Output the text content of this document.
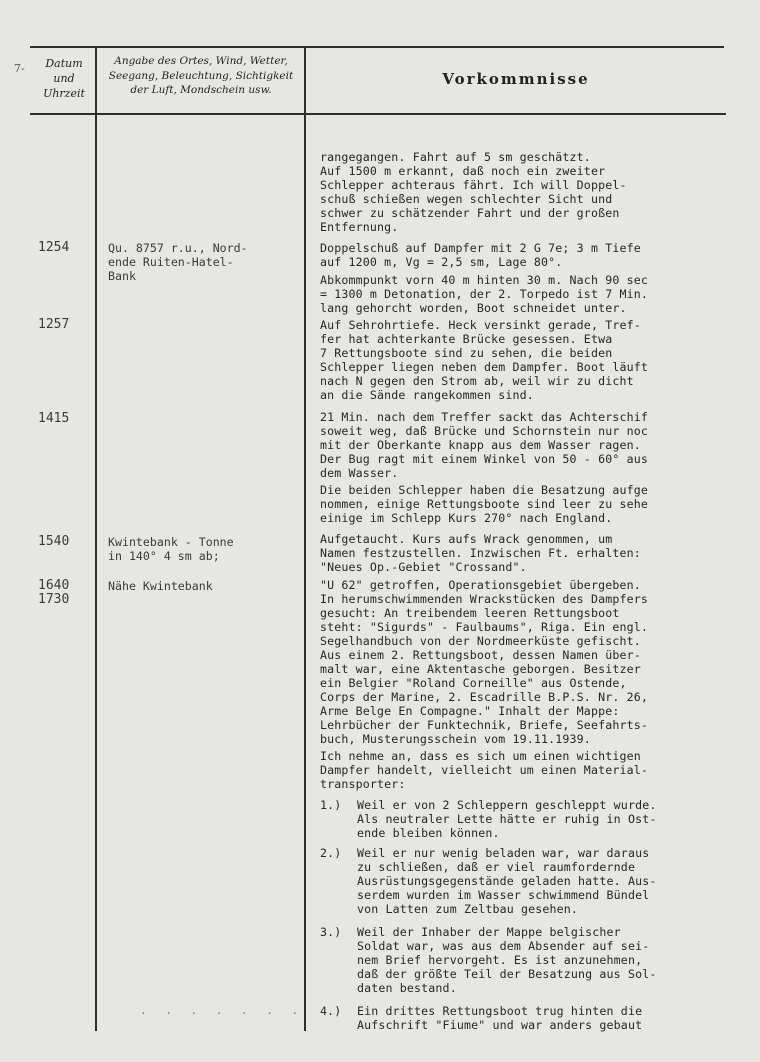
7-	Datum
und
Uhrzeit
Angabe des Ortes, Wind, Wetter,
Seegang, Beleuchtung, Sichtigkeit
der Luft, Mondschein usw.
Vorkommnisse
1254
1257
1415
1540
1640
1730
Qu. 8757 r.u., Nord-
ende Ruiten-Hatel-
Bank
Kwintebank - Tonne
in 140° 4 sm ab;
Nähe Kwintebank
. . . . . . .
rangegangen. Fahrt auf 5 sm geschätzt.
Auf 1500 m erkannt, daß noch ein zweiter
Schlepper achteraus fährt. Ich will Doppel-
schuß schießen wegen schlechter Sicht und
schwer zu schätzender Fahrt und der großen
Entfernung.
Doppelschuß auf Dampfer mit 2 G 7e; 3 m Tiefe
auf 1200 m, Vg = 2,5 sm, Lage 80°.
Abkommpunkt vorn 40 m hinten 30 m. Nach 90 sec
= 1300 m Detonation, der 2. Torpedo ist 7 Min.
lang gehorcht worden, Boot schneidet unter.
Auf Sehrohrtiefe. Heck versinkt gerade, Tref-
fer hat achterkante Brücke gesessen. Etwa
7 Rettungsboote sind zu sehen, die beiden
Schlepper liegen neben dem Dampfer. Boot läuft
nach N gegen den Strom ab, weil wir zu dicht
an die Sände rangekommen sind.
21 Min. nach dem Treffer sackt das Achterschif
soweit weg, daß Brücke und Schornstein nur noc
mit der Oberkante knapp aus dem Wasser ragen.
Der Bug ragt mit einem Winkel von 50 - 60° aus
dem Wasser.
Die beiden Schlepper haben die Besatzung aufge
nommen, einige Rettungsboote sind leer zu sehe
einige im Schlepp Kurs 270° nach England.
Aufgetaucht. Kurs aufs Wrack genommen, um
Namen festzustellen. Inzwischen Ft. erhalten:
"Neues Op.-Gebiet "Crossand".
"U 62" getroffen, Operationsgebiet übergeben.
In herumschwimmenden Wrackstücken des Dampfers
gesucht: An treibendem leeren Rettungsboot
steht: "Sigurds" - Faulbaums", Riga. Ein engl.
Segelhandbuch von der Nordmeerküste gefischt.
Aus einem 2. Rettungsboot, dessen Namen über-
malt war, eine Aktentasche geborgen. Besitzer
ein Belgier "Roland Corneille" aus Ostende,
Corps der Marine, 2. Escadrille B.P.S. Nr. 26,
Arme Belge En Compagne." Inhalt der Mappe:
Lehrbücher der Funktechnik, Briefe, Seefahrts-
buch, Musterungsschein vom 19.11.1939.
Ich nehme an, dass es sich um einen wichtigen
Dampfer handelt, vielleicht um einen Material-
transporter:
1.) Weil er von 2 Schleppern geschleppt wurde.
Als neutraler Lette hätte er ruhig in Ost-
ende bleiben können.
2.) Weil er nur wenig beladen war, war daraus
zu schließen, daß er viel raumfordernde
Ausrüstungsgegenstände geladen hatte. Aus-
serdem wurden im Wasser schwimmend Bündel
von Latten zum Zeltbau gesehen.
3.) Weil der Inhaber der Mappe belgischer
Soldat war, was aus dem Absender auf sei-
nem Brief hervorgeht. Es ist anzunehmen,
daß der größte Teil der Besatzung aus Sol-
daten bestand.
4.) Ein drittes Rettungsboot trug hinten die
Aufschrift "Fiume" und war anders gebaut
